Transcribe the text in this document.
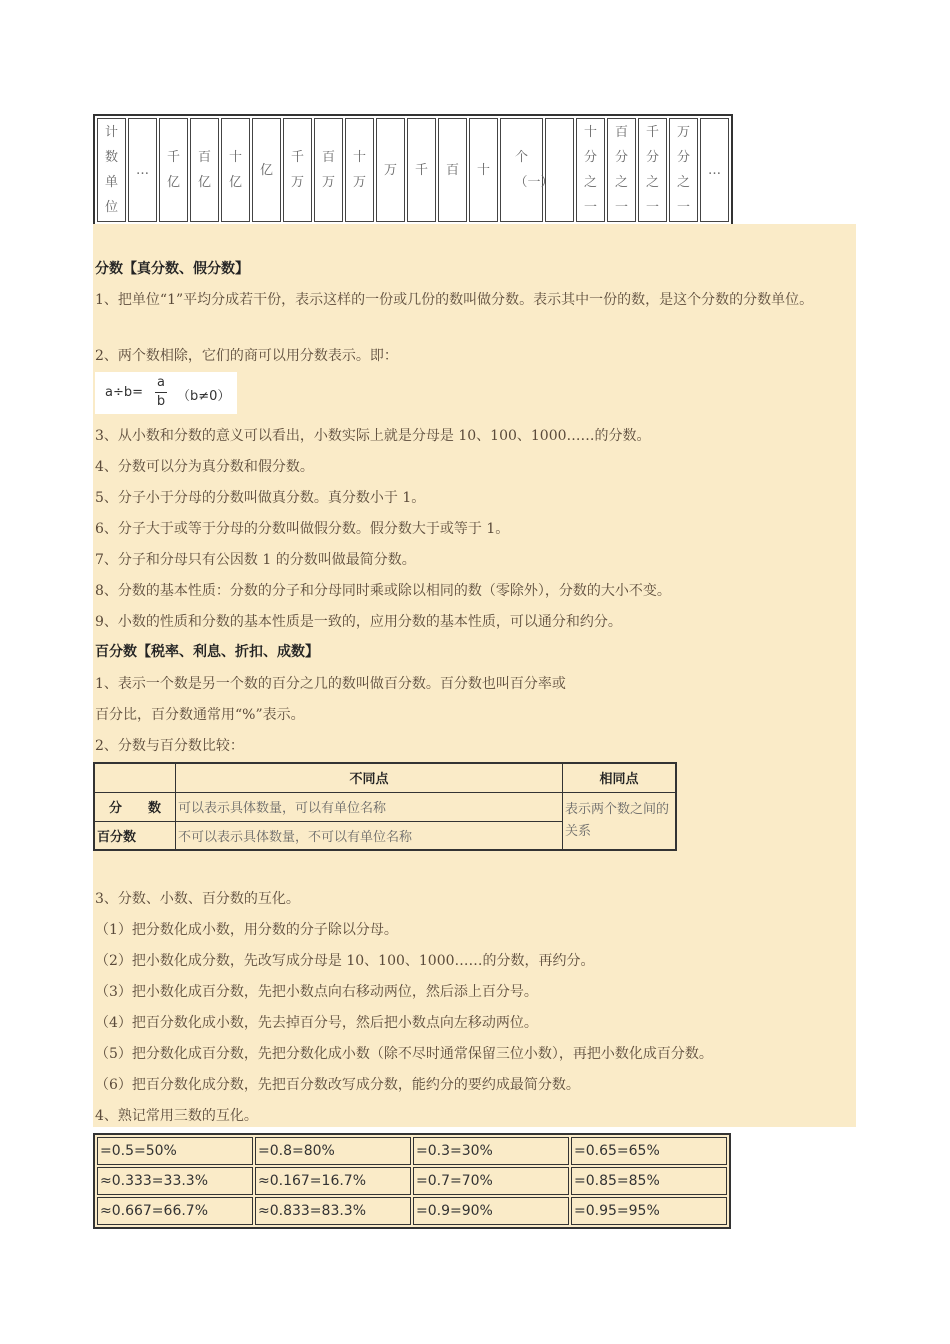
计数单位	…	千亿	百亿	十亿	亿	千万	百万	十万	万	千	百	十	个（一）		十分之一	百分之一	千分之一	万分之一	…
分数【真分数、假分数】
1、把单位“1”平均分成若干份，表示这样的一份或几份的数叫做分数。表示其中一份的数，是这个分数的分数单位。
2、两个数相除，它们的商可以用分数表示。即：
a÷b=
a
b （b≠0）
3、从小数和分数的意义可以看出，小数实际上就是分母是 10、100、1000……的分数。
4、分数可以分为真分数和假分数。
5、分子小于分母的分数叫做真分数。真分数小于 1。
6、分子大于或等于分母的分数叫做假分数。假分数大于或等于 1。
7、分子和分母只有公因数 1 的分数叫做最简分数。
8、分数的基本性质：分数的分子和分母同时乘或除以相同的数（零除外），分数的大小不变。
9、小数的性质和分数的基本性质是一致的，应用分数的基本性质，可以通分和约分。
百分数【税率、利息、折扣、成数】
1、表示一个数是另一个数的百分之几的数叫做百分数。百分数也叫百分率或
百分比，百分数通常用“%”表示。
2、分数与百分数比较：
	不同点	相同点
分　　数	可以表示具体数量，可以有单位名称	表示两个数之间的关系
百分数	不可以表示具体数量，不可以有单位名称	
3、分数、小数、百分数的互化。
（1）把分数化成小数，用分数的分子除以分母。
（2）把小数化成分数，先改写成分母是 10、100、1000……的分数，再约分。
（3）把小数化成百分数，先把小数点向右移动两位，然后添上百分号。
（4）把百分数化成小数，先去掉百分号，然后把小数点向左移动两位。
（5）把分数化成百分数，先把分数化成小数（除不尽时通常保留三位小数），再把小数化成百分数。
（6）把百分数化成分数，先把百分数改写成分数，能约分的要约成最简分数。
4、熟记常用三数的互化。
=0.5=50%	=0.8=80%	=0.3=30%	=0.65=65%
≈0.333=33.3%	≈0.167=16.7%	=0.7=70%	=0.85=85%
≈0.667=66.7%	≈0.833=83.3%	=0.9=90%	=0.95=95%
